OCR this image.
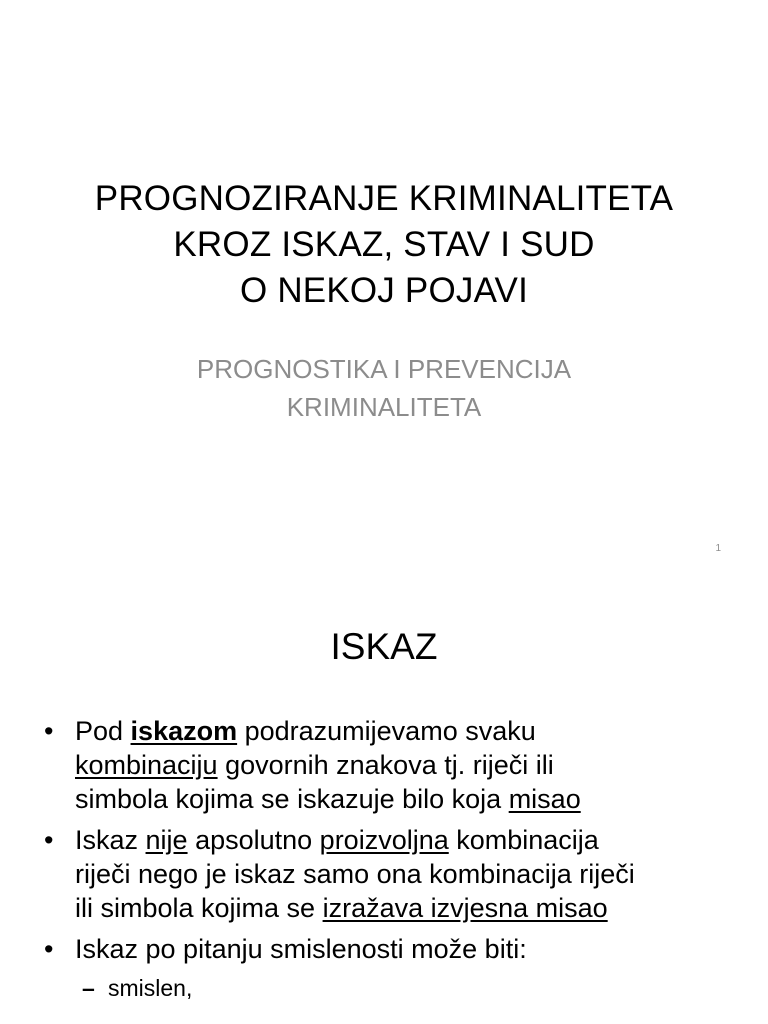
PROGNOZIRANJE KRIMINALITETA
KROZ ISKAZ, STAV I SUD
O NEKOJ POJAVI
PROGNOSTIKA I PREVENCIJA
KRIMINALITETA
1
ISKAZ
• Pod iskazom podrazumijevamo svaku
kombinaciju govornih znakova tj. riječi ili
simbola kojima se iskazuje bilo koja misao
• Iskaz nije apsolutno proizvoljna kombinacija
riječi nego je iskaz samo ona kombinacija riječi
ili simbola kojima se izražava izvjesna misao
• Iskaz po pitanju smislenosti može biti:
– smislen,
